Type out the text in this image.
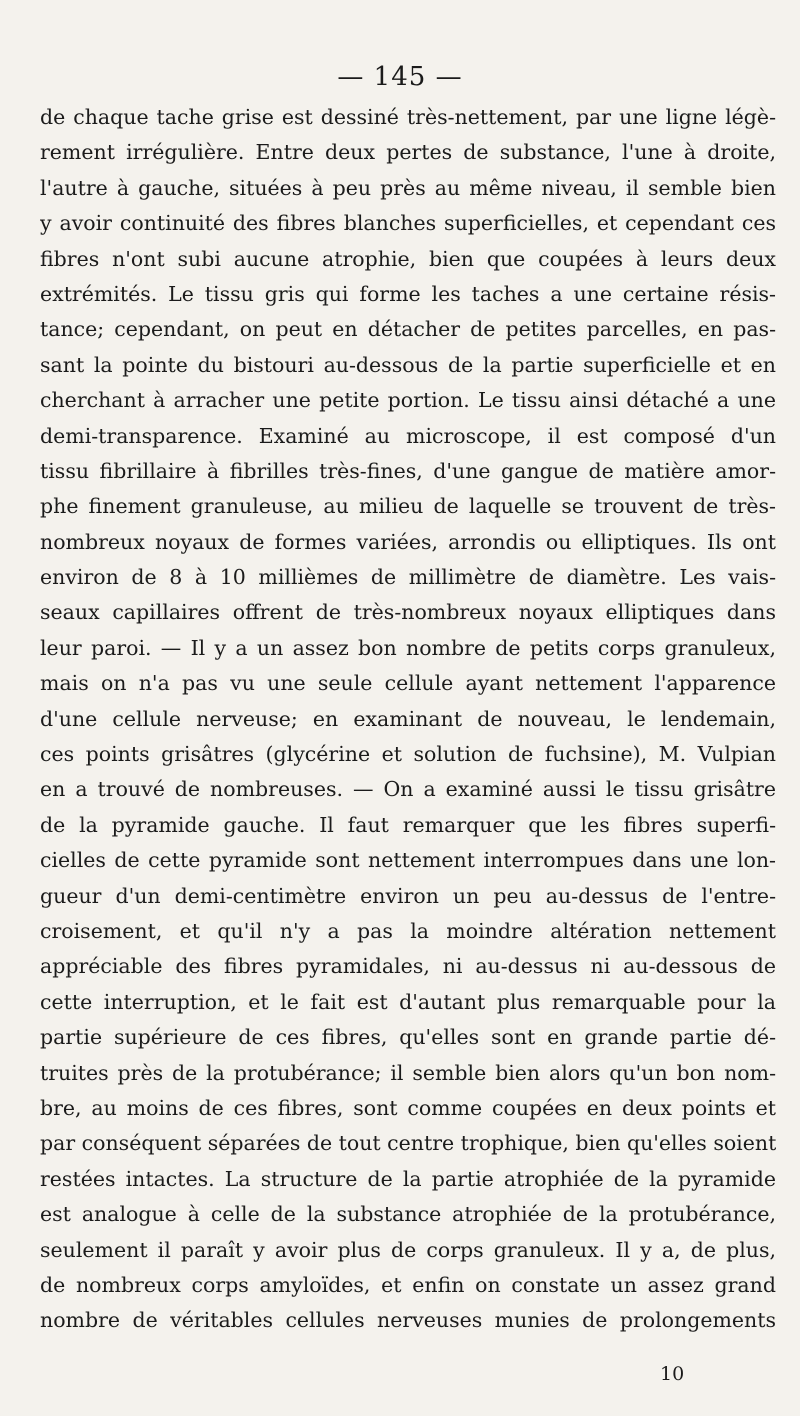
— 145 —
de chaque tache grise est dessiné très-nettement, par une ligne légè-
rement irrégulière. Entre deux pertes de substance, l'une à droite,
l'autre à gauche, situées à peu près au même niveau, il semble bien
y avoir continuité des fibres blanches superficielles, et cependant ces
fibres n'ont subi aucune atrophie, bien que coupées à leurs deux
extrémités. Le tissu gris qui forme les taches a une certaine résis-
tance; cependant, on peut en détacher de petites parcelles, en pas-
sant la pointe du bistouri au-dessous de la partie superficielle et en
cherchant à arracher une petite portion. Le tissu ainsi détaché a une
demi-transparence. Examiné au microscope, il est composé d'un
tissu fibrillaire à fibrilles très-fines, d'une gangue de matière amor-
phe finement granuleuse, au milieu de laquelle se trouvent de très-
nombreux noyaux de formes variées, arrondis ou elliptiques. Ils ont
environ de 8 à 10 millièmes de millimètre de diamètre. Les vais-
seaux capillaires offrent de très-nombreux noyaux elliptiques dans
leur paroi. — Il y a un assez bon nombre de petits corps granuleux,
mais on n'a pas vu une seule cellule ayant nettement l'apparence
d'une cellule nerveuse; en examinant de nouveau, le lendemain,
ces points grisâtres (glycérine et solution de fuchsine), M. Vulpian
en a trouvé de nombreuses. — On a examiné aussi le tissu grisâtre
de la pyramide gauche. Il faut remarquer que les fibres superfi-
cielles de cette pyramide sont nettement interrompues dans une lon-
gueur d'un demi-centimètre environ un peu au-dessus de l'entre-
croisement, et qu'il n'y a pas la moindre altération nettement
appréciable des fibres pyramidales, ni au-dessus ni au-dessous de
cette interruption, et le fait est d'autant plus remarquable pour la
partie supérieure de ces fibres, qu'elles sont en grande partie dé-
truites près de la protubérance; il semble bien alors qu'un bon nom-
bre, au moins de ces fibres, sont comme coupées en deux points et
par conséquent séparées de tout centre trophique, bien qu'elles soient
restées intactes. La structure de la partie atrophiée de la pyramide
est analogue à celle de la substance atrophiée de la protubérance,
seulement il paraît y avoir plus de corps granuleux. Il y a, de plus,
de nombreux corps amyloïdes, et enfin on constate un assez grand
nombre de véritables cellules nerveuses munies de prolongements
10
